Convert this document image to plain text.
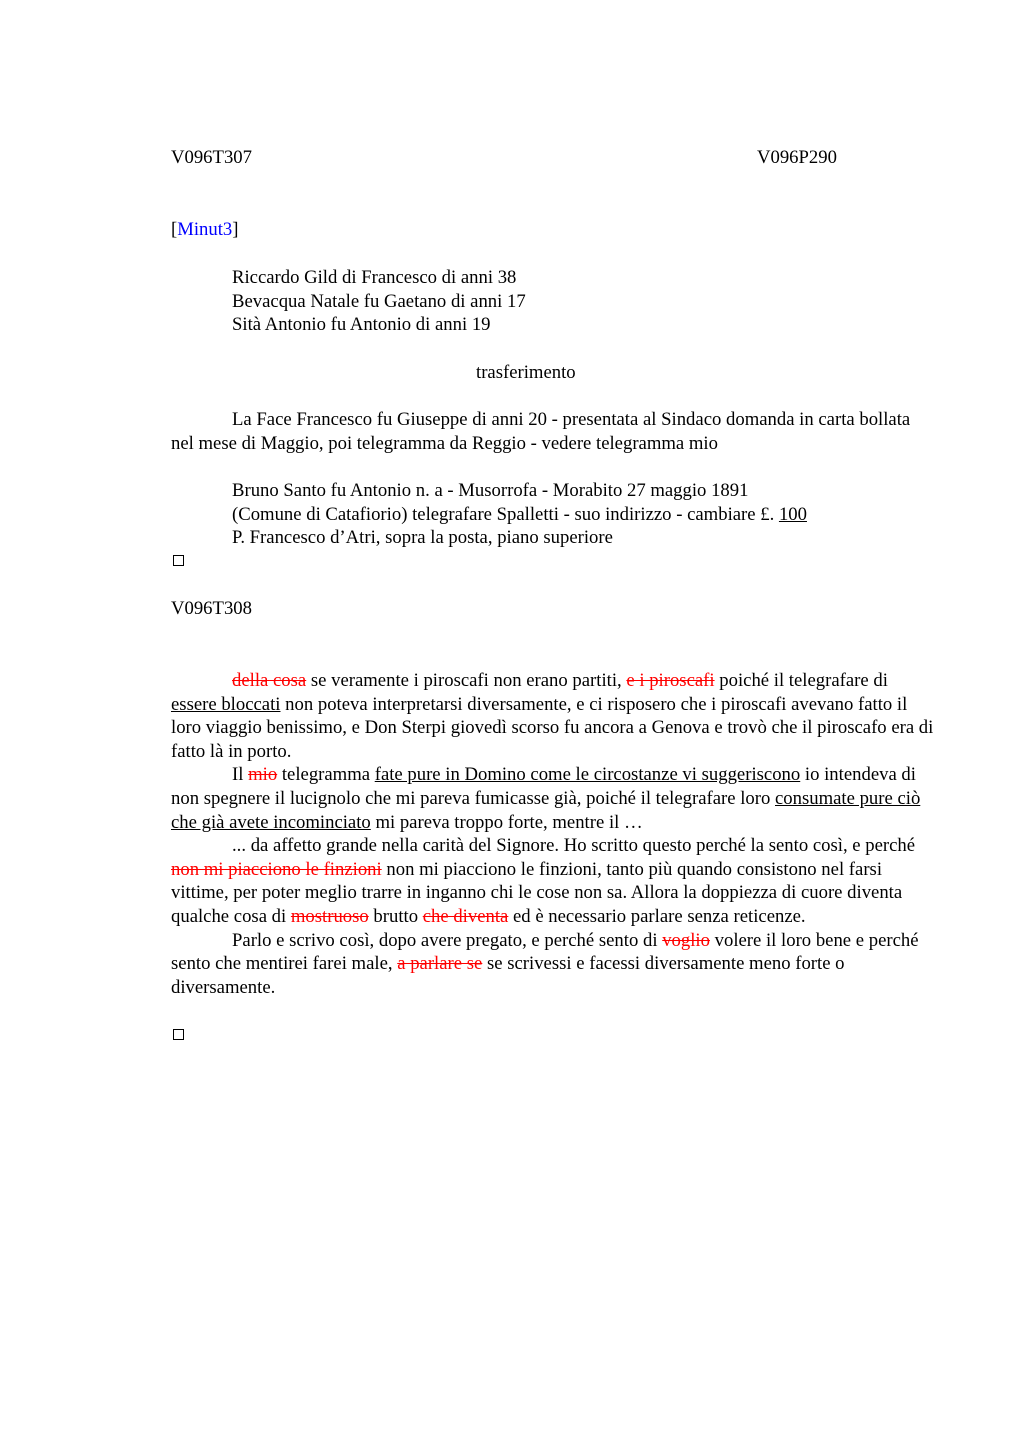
V096T307	V096P290
[Minut3]

Riccardo Gild di Francesco di anni 38

Bevacqua Natale fu Gaetano di anni 17

Sità Antonio fu Antonio di anni 19

trasferimento

La Face Francesco fu Giuseppe di anni 20 - presentata al Sindaco domanda in carta bollata nel mese di Maggio, poi telegramma da Reggio - vedere telegramma mio

Bruno Santo fu Antonio n. a - Musorrofa - Morabito 27 maggio 1891

(Comune di Catafiorio) telegrafare Spalletti - suo indirizzo - cambiare £. 100

P. Francesco d’Atri, sopra la posta, piano superiore

V096T308

della cosa se veramente i piroscafi non erano partiti, e i piroscafi poiché il telegrafare di essere bloccati non poteva interpretarsi diversamente, e ci risposero che i piroscafi avevano fatto il loro viaggio benissimo, e Don Sterpi giovedì scorso fu ancora a Genova e trovò che il piroscafo era di fatto là in porto.

Il mio telegramma fate pure in Domino come le circostanze vi suggeriscono io intendeva di non spegnere il lucignolo che mi pareva fumicasse già, poiché il telegrafare loro consumate pure ciò che già avete incominciato mi pareva troppo forte, mentre il …

... da affetto grande nella carità del Signore. Ho scritto questo perché la sento così, e perché non mi piacciono le finzioni non mi piacciono le finzioni, tanto più quando consistono nel farsi vittime, per poter meglio trarre in inganno chi le cose non sa. Allora la doppiezza di cuore diventa qualche cosa di mostruoso brutto che diventa ed è necessario parlare senza reticenze.

Parlo e scrivo così, dopo avere pregato, e perché sento di voglio volere il loro bene e perché sento che mentirei farei male, a parlare se se scrivessi e facessi diversamente meno forte o diversamente.
